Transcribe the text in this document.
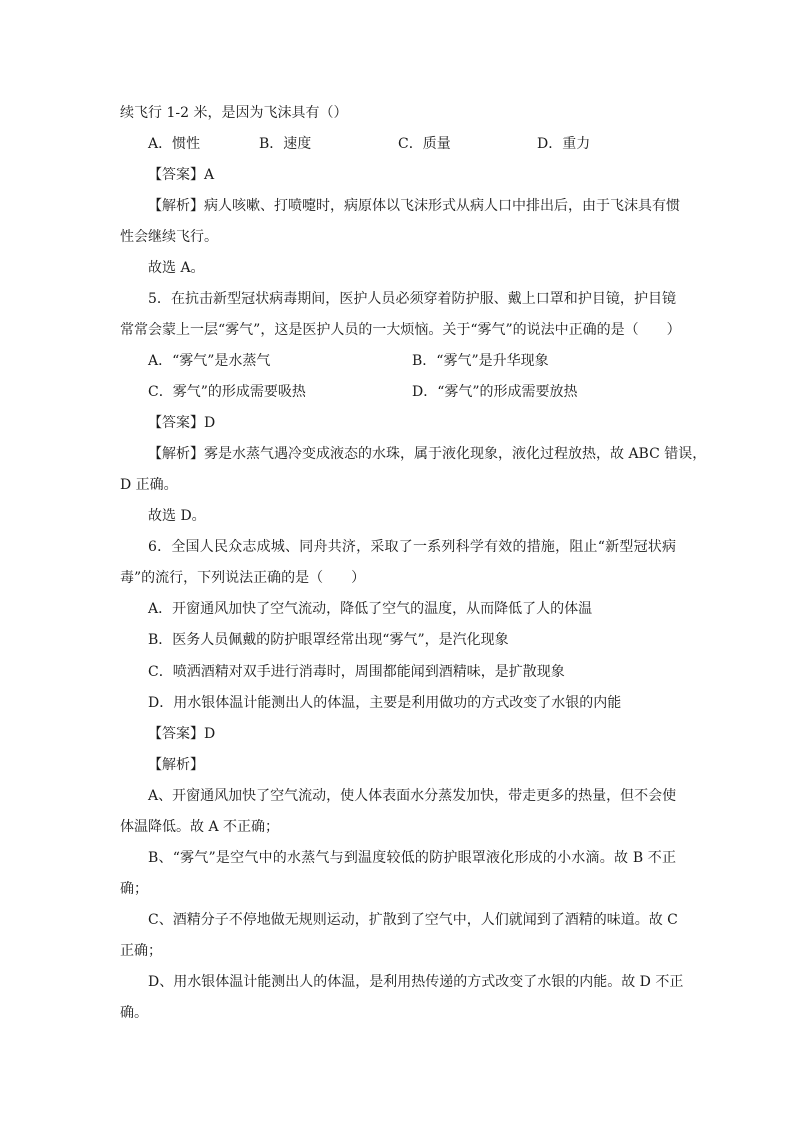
续飞行 1-2 米，是因为飞沫具有（）
A．惯性	B．速度	C．质量	D．重力
【答案】A
【解析】病人咳嗽、打喷嚏时，病原体以飞沫形式从病人口中排出后，由于飞沫具有惯
性会继续飞行。
故选 A。
5．在抗击新型冠状病毒期间，医护人员必须穿着防护服、戴上口罩和护目镜，护目镜
常常会蒙上一层“雾气”，这是医护人员的一大烦恼。关于“雾气”的说法中正确的是（　　）
A．“雾气”是水蒸气	B．“雾气”是升华现象
C．雾气”的形成需要吸热	D．“雾气”的形成需要放热
【答案】D
【解析】雾是水蒸气遇冷变成液态的水珠，属于液化现象，液化过程放热，故 ABC 错误，
D 正确。
故选 D。
6．全国人民众志成城、同舟共济，采取了一系列科学有效的措施，阻止“新型冠状病
毒”的流行，下列说法正确的是（　　）
A．开窗通风加快了空气流动，降低了空气的温度，从而降低了人的体温
B．医务人员佩戴的防护眼罩经常出现“雾气”，是汽化现象
C．喷洒酒精对双手进行消毒时，周围都能闻到酒精味，是扩散现象
D．用水银体温计能测出人的体温，主要是利用做功的方式改变了水银的内能
【答案】D
【解析】
A、开窗通风加快了空气流动，使人体表面水分蒸发加快，带走更多的热量，但不会使
体温降低。故 A 不正确；
B、“雾气”是空气中的水蒸气与到温度较低的防护眼罩液化形成的小水滴。故 B 不正
确；
C、酒精分子不停地做无规则运动，扩散到了空气中，人们就闻到了酒精的味道。故 C
正确；
D、用水银体温计能测出人的体温，是利用热传递的方式改变了水银的内能。故 D 不正
确。
